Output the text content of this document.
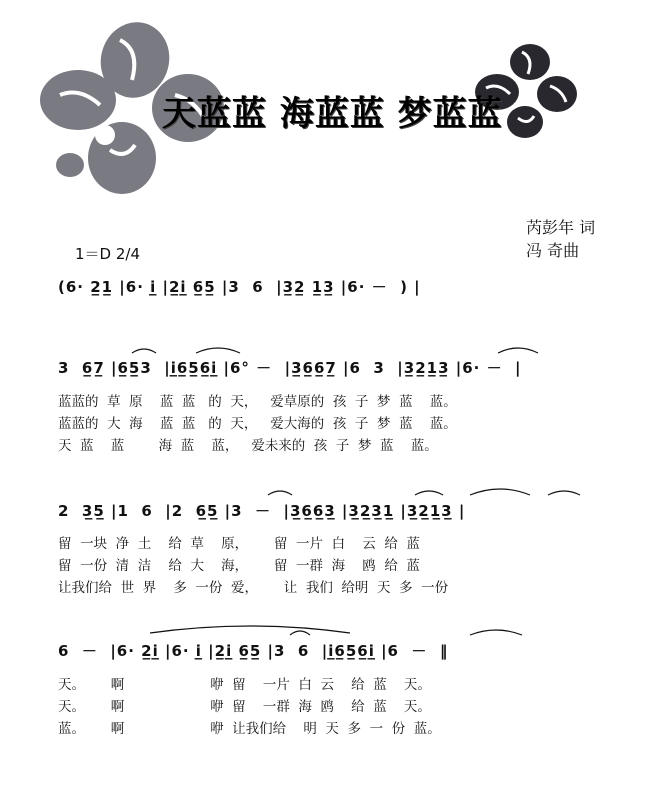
天蓝蓝 海蓝蓝 梦蓝蓝
芮彭年 词
冯 奇曲
1＝D 2/4
(6· 2̲1̲ |6· i̲ |2̲i̲ 6̲5̲ |3  6  |3̲2̲ 1̲3̲ |6· －  ) |
3  6̲7̲ |6̲5̲3  |i̲6̲5̲6̲i̲ |6° －  |3̲6̲6̲7̲ |6  3  |3̲2̲1̲3̲ |6· －  |
蓝蓝的  草  原    蓝  蓝   的  天，   爱草原的  孩  子  梦  蓝    蓝。
蓝蓝的  大  海    蓝  蓝   的  天，   爱大海的  孩  子  梦  蓝    蓝。
天  蓝    蓝        海  蓝    蓝，   爱未来的  孩  子  梦  蓝    蓝。
2  3̲5̲ |1  6  |2  6̲5̲ |3  －  |3̲6̲6̲3̲ |3̲2̲3̲1̲ |3̲2̲1̲3̲ |
留  一块  净  土    给  草    原，      留  一片  白    云  给  蓝
留  一份  清  洁    给  大    海，      留  一群  海    鸥  给  蓝
让我们给  世  界    多  一份  爱，      让  我们  给明  天  多  一份
6  －  |6· 2̲i̲ |6· i̲ |2̲i̲ 6̲5̲ |3  6  |i̲6̲5̲6̲i̲ |6  －  ‖
天。      啊                    咿  留    一片  白  云    给  蓝    天。
天。      啊                    咿  留    一群  海  鸥    给  蓝    天。
蓝。      啊                    咿  让我们给    明  天  多  一  份  蓝。
